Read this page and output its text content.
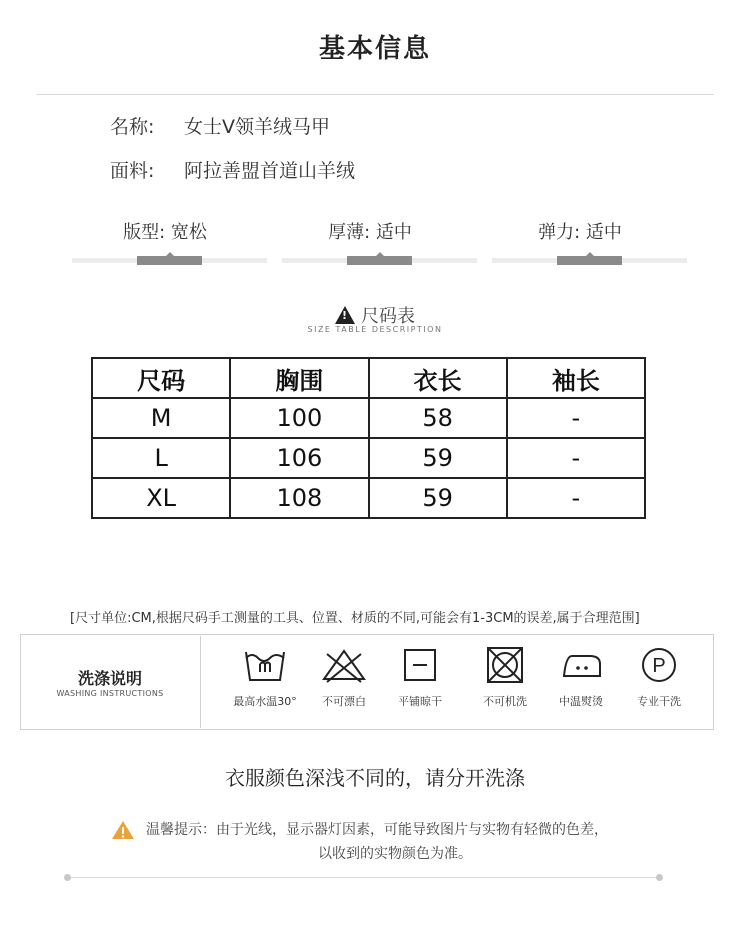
基本信息
名称: 女士V领羊绒马甲
面料: 阿拉善盟首道山羊绒
版型: 宽松	厚薄: 适中	弹力: 适中
!尺码表
SIZE TABLE DESCRIPTION
尺码	胸围	衣长	袖长
M	100	58	-
L	106	59	-
XL	108	59	-
[尺寸单位:CM,根据尺码手工测量的工具、位置、材质的不同,可能会有1-3CM的误差,属于合理范围]
洗涤说明
WASHING INSTRUCTIONS
最高水温30°	不可漂白	平铺晾干	不可机洗	中温熨烫
P
专业干洗
衣服颜色深浅不同的，请分开洗涤
温馨提示：由于光线，显示器灯因素，可能导致图片与实物有轻微的色差，
以收到的实物颜色为准。
